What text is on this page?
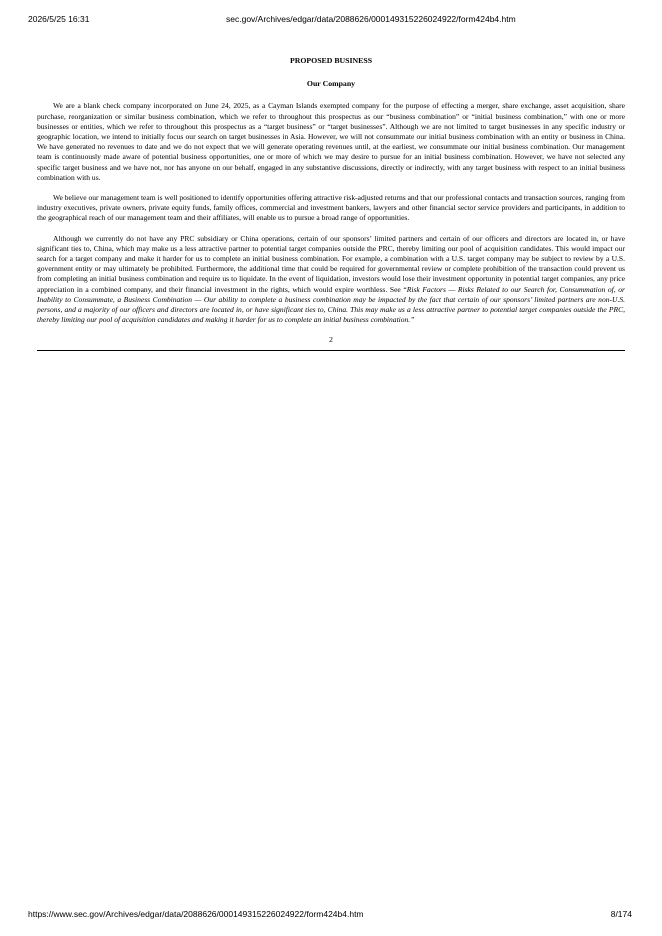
2026/5/25 16:31	sec.gov/Archives/edgar/data/2088626/000149315226024922/form424b4.htm
PROPOSED BUSINESS
Our Company

We are a blank check company incorporated on June 24, 2025, as a Cayman Islands exempted company for the purpose of effecting a merger, share exchange, asset acquisition, share purchase, reorganization or similar business combination, which we refer to throughout this prospectus as our “business combination” or “initial business combination,” with one or more businesses or entities, which we refer to throughout this prospectus as a “target business” or “target businesses”. Although we are not limited to target businesses in any specific industry or geographic location, we intend to initially focus our search on target businesses in Asia. However, we will not consummate our initial business combination with an entity or business in China. We have generated no revenues to date and we do not expect that we will generate operating revenues until, at the earliest, we consummate our initial business combination. Our management team is continuously made aware of potential business opportunities, one or more of which we may desire to pursue for an initial business combination. However, we have not selected any specific target business and we have not, nor has anyone on our behalf, engaged in any substantive discussions, directly or indirectly, with any target business with respect to an initial business combination with us.

We believe our management team is well positioned to identify opportunities offering attractive risk-adjusted returns and that our professional contacts and transaction sources, ranging from industry executives, private owners, private equity funds, family offices, commercial and investment bankers, lawyers and other financial sector service providers and participants, in addition to the geographical reach of our management team and their affiliates, will enable us to pursue a broad range of opportunities.

Although we currently do not have any PRC subsidiary or China operations, certain of our sponsors’ limited partners and certain of our officers and directors are located in, or have significant ties to, China, which may make us a less attractive partner to potential target companies outside the PRC, thereby limiting our pool of acquisition candidates. This would impact our search for a target company and make it harder for us to complete an initial business combination. For example, a combination with a U.S. target company may be subject to review by a U.S. government entity or may ultimately be prohibited. Furthermore, the additional time that could be required for governmental review or complete prohibition of the transaction could prevent us from completing an initial business combination and require us to liquidate. In the event of liquidation, investors would lose their investment opportunity in potential target companies, any price appreciation in a combined company, and their financial investment in the rights, which would expire worthless. See “Risk Factors — Risks Related to our Search for, Consummation of, or Inability to Consummate, a Business Combination — Our ability to complete a business combination may be impacted by the fact that certain of our sponsors’ limited partners are non-U.S. persons, and a majority of our officers and directors are located in, or have significant ties to, China. This may make us a less attractive partner to potential target companies outside the PRC, thereby limiting our pool of acquisition candidates and making it harder for us to complete an initial business combination.”

2
https://www.sec.gov/Archives/edgar/data/2088626/000149315226024922/form424b4.htm	8/174
